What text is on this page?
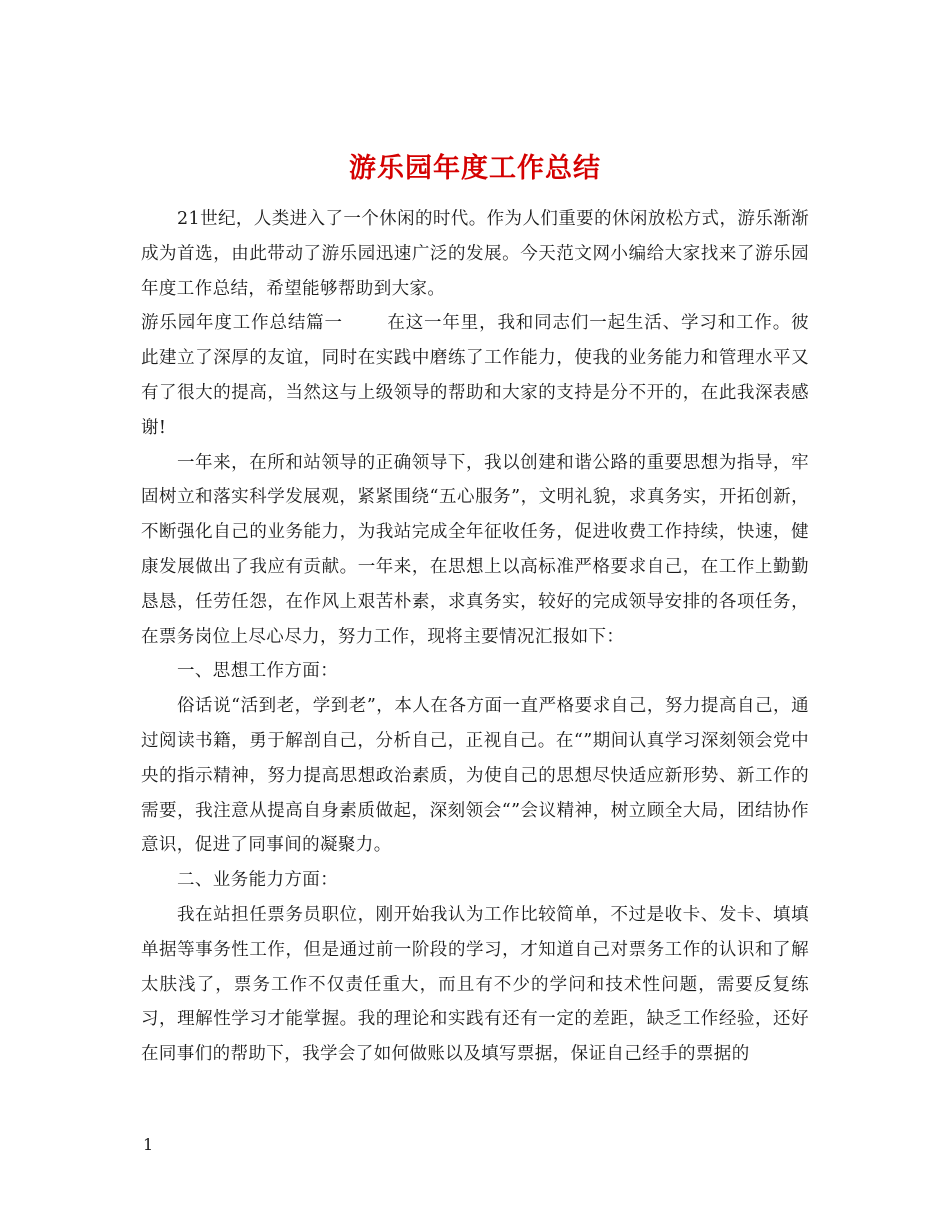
游乐园年度工作总结

21世纪，人类进入了一个休闲的时代。作为人们重要的休闲放松方式，游乐渐渐成为首选，由此带动了游乐园迅速广泛的发展。今天范文网小编给大家找来了游乐园年度工作总结，希望能够帮助到大家。

游乐园年度工作总结篇一	在这一年里，我和同志们一起生活、学习和工作。彼此建立了深厚的友谊，同时在实践中磨练了工作能力，使我的业务能力和管理水平又有了很大的提高，当然这与上级领导的帮助和大家的支持是分不开的，在此我深表感谢!

一年来，在所和站领导的正确领导下，我以创建和谐公路的重要思想为指导，牢固树立和落实科学发展观，紧紧围绕“五心服务”，文明礼貌，求真务实，开拓创新，不断强化自己的业务能力，为我站完成全年征收任务，促进收费工作持续，快速，健康发展做出了我应有贡献。一年来，在思想上以高标准严格要求自己，在工作上勤勤恳恳，任劳任怨，在作风上艰苦朴素，求真务实，较好的完成领导安排的各项任务，在票务岗位上尽心尽力，努力工作，现将主要情况汇报如下：

一、思想工作方面：

俗话说“活到老，学到老”，本人在各方面一直严格要求自己，努力提高自己，通过阅读书籍，勇于解剖自己，分析自己，正视自己。在“”期间认真学习深刻领会党中央的指示精神，努力提高思想政治素质，为使自己的思想尽快适应新形势、新工作的需要，我注意从提高自身素质做起，深刻领会“”会议精神，树立顾全大局，团结协作意识，促进了同事间的凝聚力。

二、业务能力方面：

我在站担任票务员职位，刚开始我认为工作比较简单，不过是收卡、发卡、填填单据等事务性工作，但是通过前一阶段的学习，才知道自己对票务工作的认识和了解太肤浅了，票务工作不仅责任重大，而且有不少的学问和技术性问题，需要反复练习，理解性学习才能掌握。我的理论和实践有还有一定的差距，缺乏工作经验，还好在同事们的帮助下，我学会了如何做账以及填写票据，保证自己经手的票据的

1
